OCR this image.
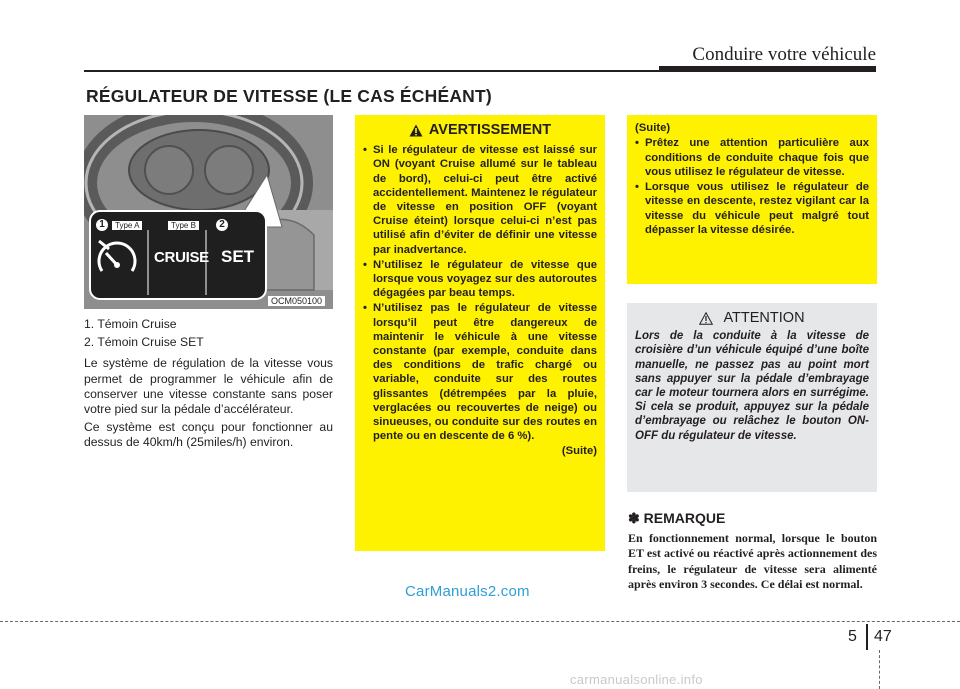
Conduire votre véhicule
RÉGULATEUR DE VITESSE (LE CAS ÉCHÉANT)
1	Type A	Type B	2
CRUISE SET
OCM050100

1. Témoin Cruise

2. Témoin Cruise SET

Le système de régulation de la vitesse vous permet de programmer le véhicule afin de conserver une vitesse constante sans poser votre pied sur la pédale d’accélérateur.

Ce système est conçu pour fonctionner au dessus de 40km/h (25miles/h) environ.

AVERTISSEMENT
• Si le régulateur de vitesse est laissé sur ON (voyant Cruise allumé sur le tableau de bord), celui-ci peut être activé accidentellement. Maintenez le régulateur de vitesse en position OFF (voyant Cruise éteint) lorsque celui-ci n’est pas utilisé afin d’éviter de définir une vitesse par inadvertance.
• N’utilisez le régulateur de vitesse que lorsque vous voyagez sur des autoroutes dégagées par beau temps.
• N’utilisez pas le régulateur de vitesse lorsqu’il peut être dangereux de maintenir le véhicule à une vitesse constante (par exemple, conduite dans des conditions de trafic chargé ou variable, conduite sur des routes glissantes (détrempées par la pluie, verglacées ou recouvertes de neige) ou sinueuses, ou conduite sur des routes en pente ou en descente de 6 %).
(Suite)
(Suite)
• Prêtez une attention particulière aux conditions de conduite chaque fois que vous utilisez le régulateur de vitesse.
• Lorsque vous utilisez le régulateur de vitesse en descente, restez vigilant car la vitesse du véhicule peut malgré tout dépasser la vitesse désirée.
ATTENTION
Lors de la conduite à la vitesse de croisière d’un véhicule équipé d’une boîte manuelle, ne passez pas au point mort sans appuyer sur la pédale d’embrayage car le moteur tournera alors en surrégime. Si cela se produit, appuyez sur la pédale d’embrayage ou relâchez le bouton ON-OFF du régulateur de vitesse.
✽ REMARQUE
En fonctionnement normal, lorsque le bouton ET est activé ou réactivé après actionnement des freins, le régulateur de vitesse sera alimenté après environ 3 secondes. Ce délai est normal.
CarManuals2.com
5 47
carmanualsonline.info
